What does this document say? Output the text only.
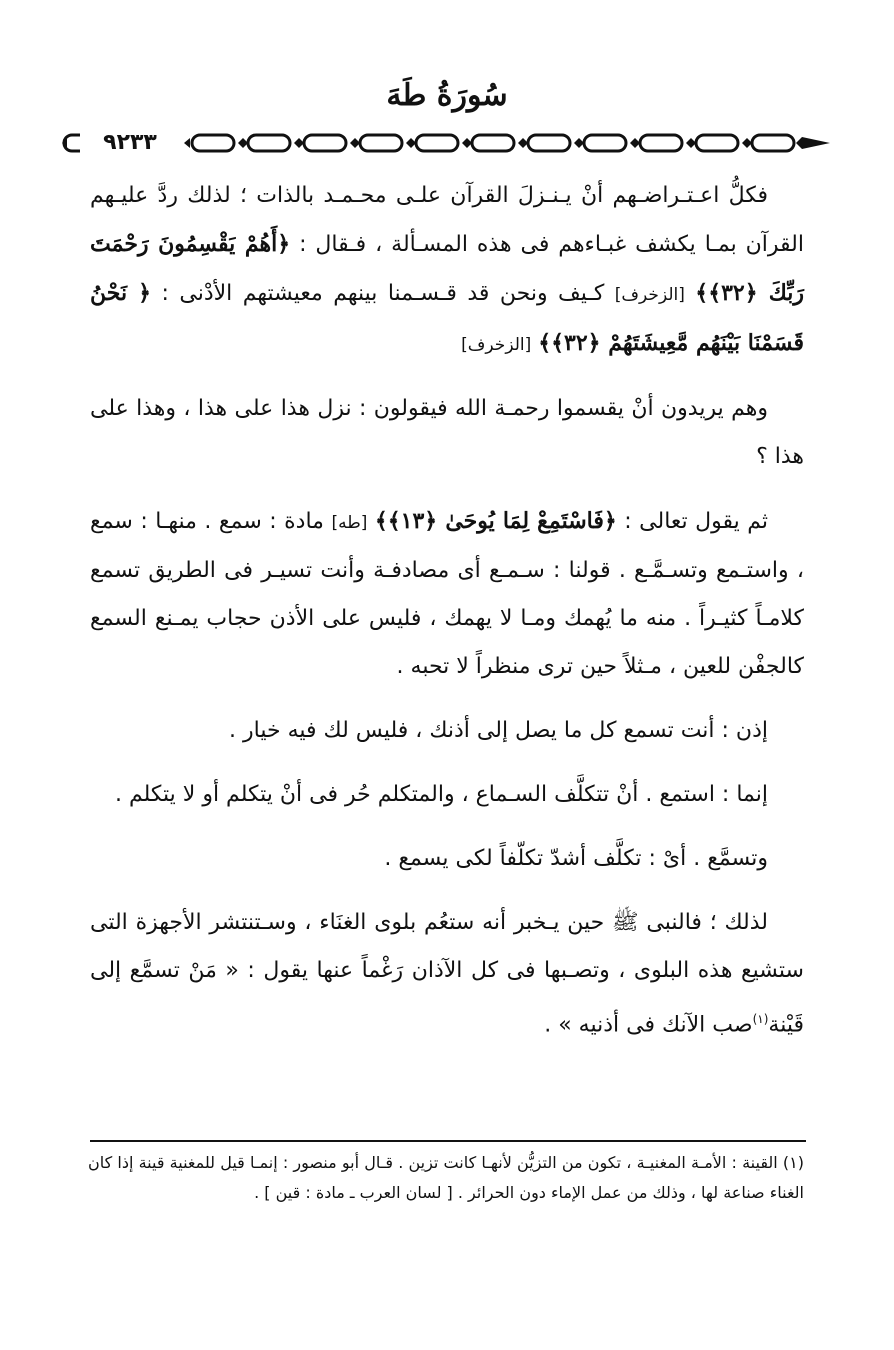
سُورَةُ طَهَ
٩٢٣٣

فكلُّ اعـتـراضـهم أنْ يـنـزلَ القرآن علـى محـمـد بالذات ؛ لذلك ردَّ عليـهم القرآن بمـا يكشف غبـاءهم فى هذه المسـألة ، فـقال : ﴿أَهُمْ يَقْسِمُونَ رَحْمَتَ رَبِّكَ ﴿٣٢﴾﴾ [الزخرف] كـيف ونحن قد قـسـمنا بينهم معيشتهم الأدْنى : ﴿ نَحْنُ قَسَمْنَا بَيْنَهُم مَّعِيشَتَهُمْ ﴿٣٢﴾﴾ [الزخرف]

وهم يريدون أنْ يقسموا رحمـة الله فيقولون : نزل هذا على هذا ، وهذا على هذا ؟

ثم يقول تعالى : ﴿فَاسْتَمِعْ لِمَا يُوحَىٰ ﴿١٣﴾﴾ [طه] مادة : سمع . منهـا : سمع ، واستـمع وتسـمَّـع . قولنا : سـمـع أى مصادفـة وأنت تسيـر فى الطريق تسمع كلامـاً كثيـراً . منه ما يُهمك ومـا لا يهمك ، فليس على الأذن حجاب يمـنع السمع كالجفْن للعين ، مـثلاً حين ترى منظراً لا تحبه .

إذن : أنت تسمع كل ما يصل إلى أذنك ، فليس لك فيه خيار .

إنما : استمع . أنْ تتكلَّف السـماع ، والمتكلم حُر فى أنْ يتكلم أو لا يتكلم .

وتسمَّع . أىْ : تكلَّف أشدّ تكلّفاً لكى يسمع .

لذلك ؛ فالنبى ﷺ حين يـخبر أنه ستعُم بلوى الغنَاء ، وسـتنتشر الأجهزة التى ستشيع هذه البلوى ، وتصـبها فى كل الآذان رَغْماً عنها يقول : « مَنْ تسمَّع إلى قَيْنة$^{(١)}$صب الآنك فى أذنيه » .

(١) القينة : الأمـة المغنيـة ، تكون من التزيُّن لأنهـا كانت تزين . قـال أبو منصور : إنمـا قيل للمغنية قينة إذا كان الغناء صناعة لها ، وذلك من عمل الإماء دون الحرائر . [ لسان العرب ـ مادة : قين ] .
